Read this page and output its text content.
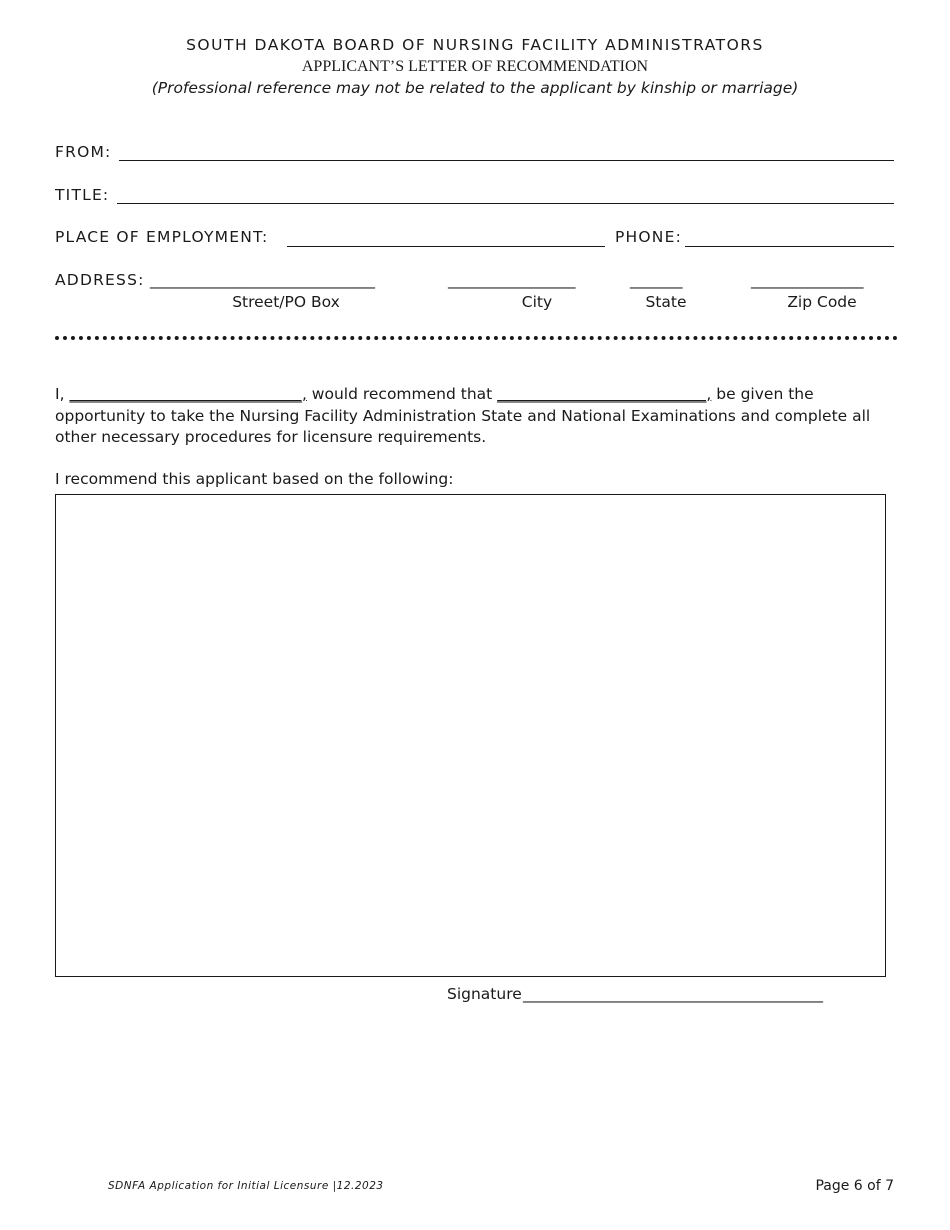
SOUTH DAKOTA BOARD OF NURSING FACILITY ADMINISTRATORS
APPLICANT’S LETTER OF RECOMMENDATION
(Professional reference may not be related to the applicant by kinship or marriage)
FROM:
TITLE:
PLACE OF EMPLOYMENT:	PHONE:
ADDRESS: ______________________________	_________________	_______	_______________
Street/PO Box	City	State	Zip Code
I, ______________________________, would recommend that ___________________________, be given the opportunity to take the Nursing Facility Administration State and National Examinations and complete all other necessary procedures for licensure requirements.
I recommend this applicant based on the following:
Signature ________________________________________
SDNFA Application for Initial Licensure |12.2023	Page 6 of 7
